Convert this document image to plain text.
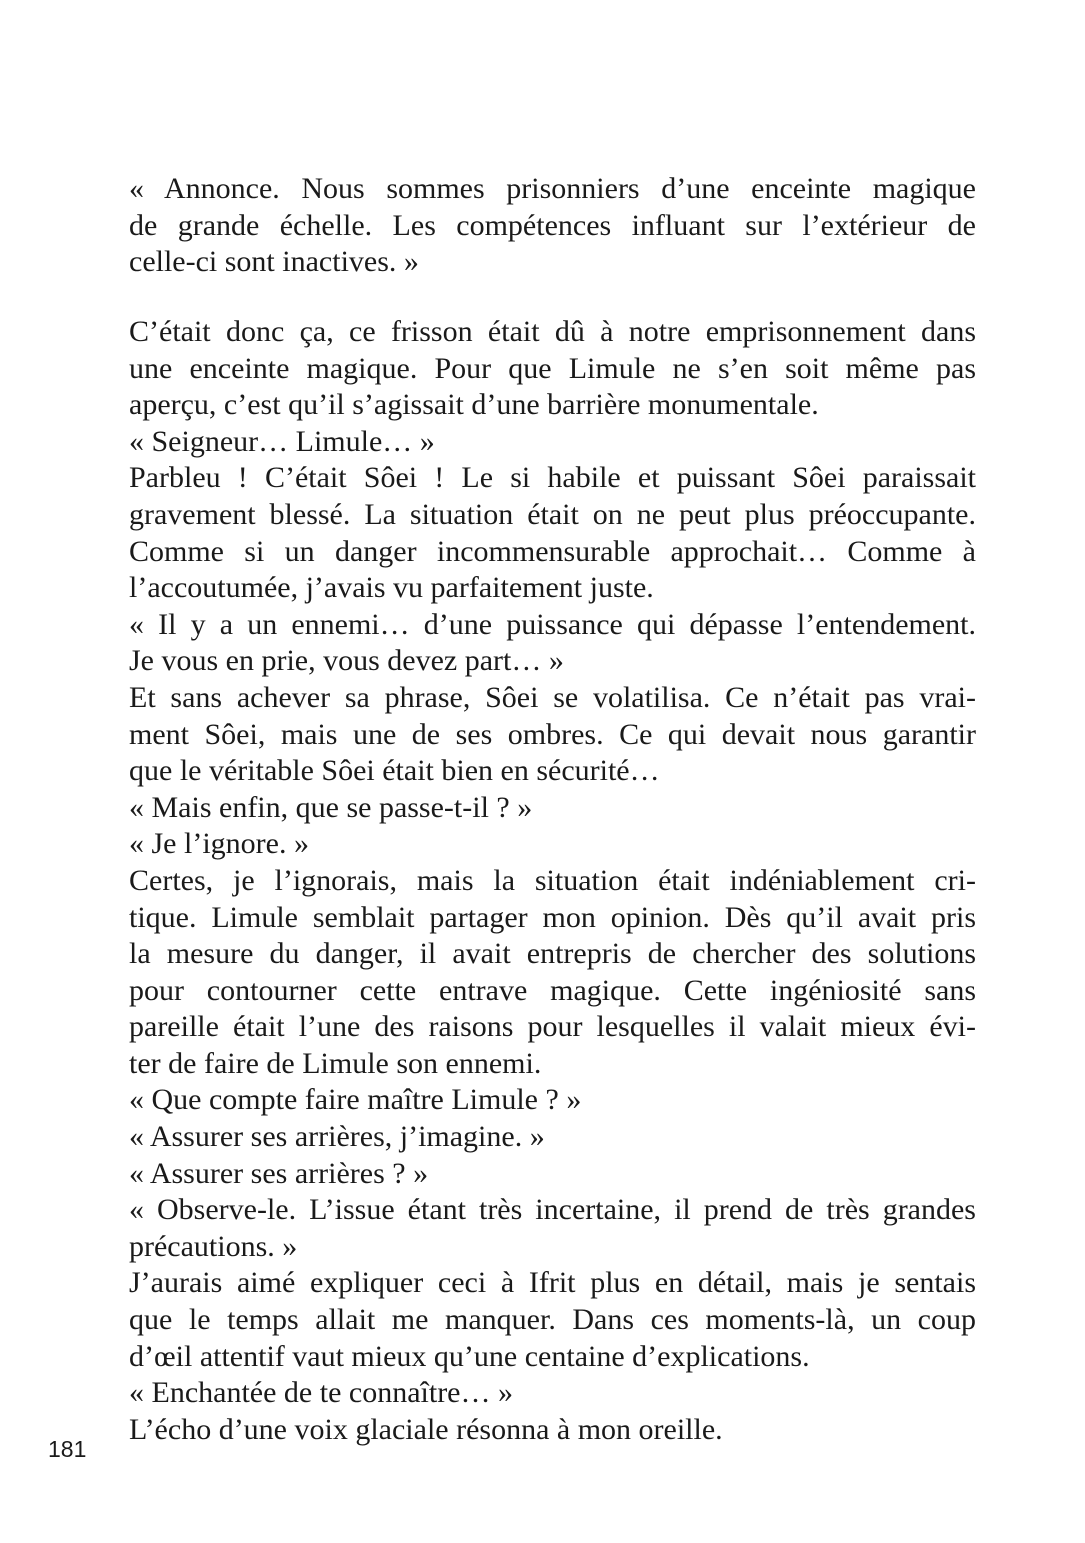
« Annonce. Nous sommes prisonniers d’une enceinte magique
de grande échelle. Les compétences influant sur l’extérieur de
celle-ci sont inactives. »
C’était donc ça, ce frisson était dû à notre emprisonnement dans
une enceinte magique. Pour que Limule ne s’en soit même pas
aperçu, c’est qu’il s’agissait d’une barrière monumentale.
« Seigneur… Limule… »
Parbleu ! C’était Sôei ! Le si habile et puissant Sôei paraissait
gravement blessé. La situation était on ne peut plus préoccupante.
Comme si un danger incommensurable approchait… Comme à
l’accoutumée, j’avais vu parfaitement juste.
« Il y a un ennemi… d’une puissance qui dépasse l’entendement.
Je vous en prie, vous devez part… »
Et sans achever sa phrase, Sôei se volatilisa. Ce n’était pas vrai-
ment Sôei, mais une de ses ombres. Ce qui devait nous garantir
que le véritable Sôei était bien en sécurité…
« Mais enfin, que se passe-t-il ? »
« Je l’ignore. »
Certes, je l’ignorais, mais la situation était indéniablement cri-
tique. Limule semblait partager mon opinion. Dès qu’il avait pris
la mesure du danger, il avait entrepris de chercher des solutions
pour contourner cette entrave magique. Cette ingéniosité sans
pareille était l’une des raisons pour lesquelles il valait mieux évi-
ter de faire de Limule son ennemi.
« Que compte faire maître Limule ? »
« Assurer ses arrières, j’imagine. »
« Assurer ses arrières ? »
« Observe-le. L’issue étant très incertaine, il prend de très grandes
précautions. »
J’aurais aimé expliquer ceci à Ifrit plus en détail, mais je sentais
que le temps allait me manquer. Dans ces moments-là, un coup
d’œil attentif vaut mieux qu’une centaine d’explications.
« Enchantée de te connaître… »
L’écho d’une voix glaciale résonna à mon oreille.
181
